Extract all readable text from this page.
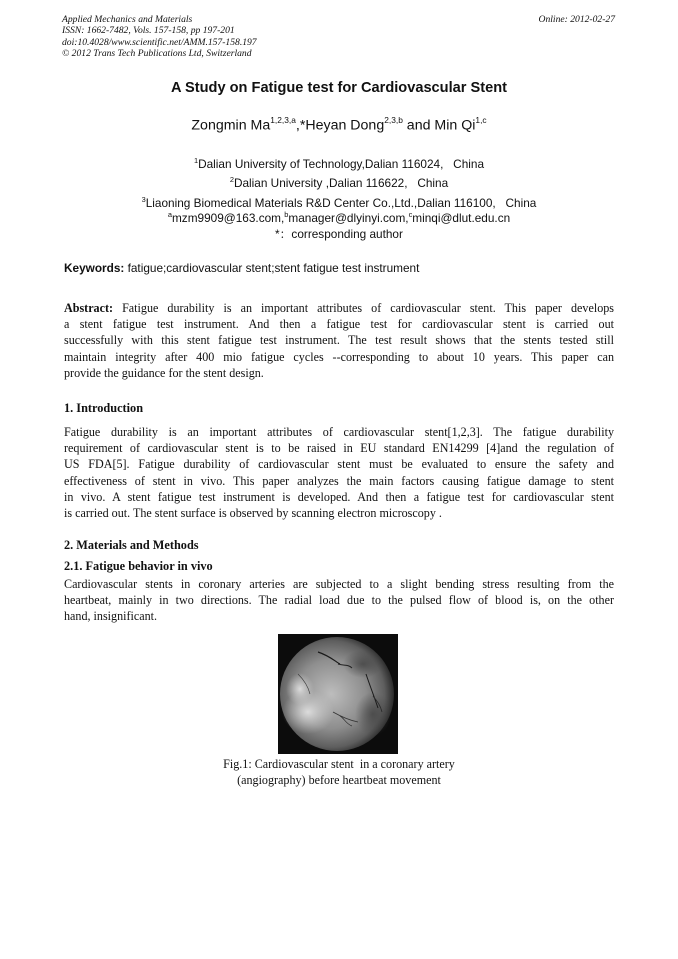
Applied Mechanics and Materials
ISSN: 1662-7482, Vols. 157-158, pp 197-201
doi:10.4028/www.scientific.net/AMM.157-158.197
© 2012 Trans Tech Publications Ltd, Switzerland
Online: 2012-02-27
A Study on Fatigue test for Cardiovascular Stent
Zongmin Ma$^{1,2,3,a}$,*Heyan Dong$^{2,3,b}$ and Min Qi$^{1,c}$
$^1$Dalian University of Technology,Dalian 116024,   China
$^2$Dalian University ,Dalian 116622,   China
$^3$Liaoning Biomedical Materials R&D Center Co.,Ltd.,Dalian 116100,   China
$^a$mzm9909@163.com,$^b$manager@dlyinyi.com,$^c$minqi@dlut.edu.cn
*：corresponding author
Keywords: fatigue;cardiovascular stent;stent fatigue test instrument
Abstract: Fatigue durability is an important attributes of cardiovascular stent. This paper develops
a stent fatigue test instrument. And then a fatigue test for cardiovascular stent is carried out
successfully with this stent fatigue test instrument. The test result shows that the stents tested still
maintain integrity after 400 mio fatigue cycles --corresponding to about 10 years. This paper can
provide the guidance for the stent design.
1. Introduction
Fatigue durability is an important attributes of cardiovascular stent[1,2,3]. The fatigue durability
requirement of cardiovascular stent is to be raised in EU standard EN14299 [4]and the regulation of
US FDA[5]. Fatigue durability of cardiovascular stent must be evaluated to ensure the safety and
effectiveness of stent in vivo. This paper analyzes the main factors causing fatigue damage to stent
in vivo. A stent fatigue test instrument is developed. And then a fatigue test for cardiovascular stent
is carried out. The stent surface is observed by scanning electron microscopy .
2. Materials and Methods
2.1. Fatigue behavior in vivo
Cardiovascular stents in coronary arteries are subjected to a slight bending stress resulting from the
heartbeat, mainly in two directions. The radial load due to the pulsed flow of blood is, on the other
hand, insignificant.
Fig.1: Cardiovascular stent  in a coronary artery
(angiography) before heartbeat movement
